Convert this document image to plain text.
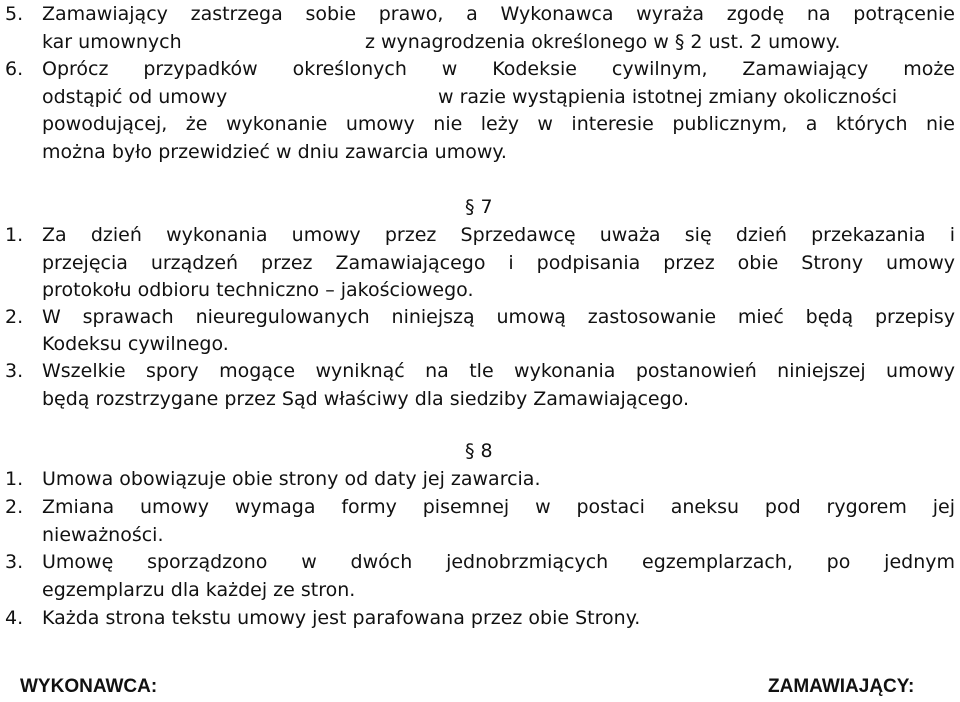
5. Zamawiający zastrzega sobie prawo, a Wykonawca wyraża zgodę na potrącenie
kar umownych	z wynagrodzenia określonego w § 2 ust. 2 umowy.
6. Oprócz przypadków określonych w Kodeksie cywilnym, Zamawiający może
odstąpić od umowy	w razie wystąpienia istotnej zmiany okoliczności
powodującej, że wykonanie umowy nie leży w interesie publicznym, a których nie
można było przewidzieć w dniu zawarcia umowy.
§ 7
1. Za dzień wykonania umowy przez Sprzedawcę uważa się dzień przekazania i
przejęcia urządzeń przez Zamawiającego i podpisania przez obie Strony umowy
protokołu odbioru techniczno – jakościowego.
2. W sprawach nieuregulowanych niniejszą umową zastosowanie mieć będą przepisy
Kodeksu cywilnego.
3. Wszelkie spory mogące wyniknąć na tle wykonania postanowień niniejszej umowy
będą rozstrzygane przez Sąd właściwy dla siedziby Zamawiającego.
§ 8
1. Umowa obowiązuje obie strony od daty jej zawarcia.
2. Zmiana umowy wymaga formy pisemnej w postaci aneksu pod rygorem jej
nieważności.
3. Umowę sporządzono w dwóch jednobrzmiących egzemplarzach, po jednym
egzemplarzu dla każdej ze stron.
4. Każda strona tekstu umowy jest parafowana przez obie Strony.
WYKONAWCA:	ZAMAWIAJĄCY:
